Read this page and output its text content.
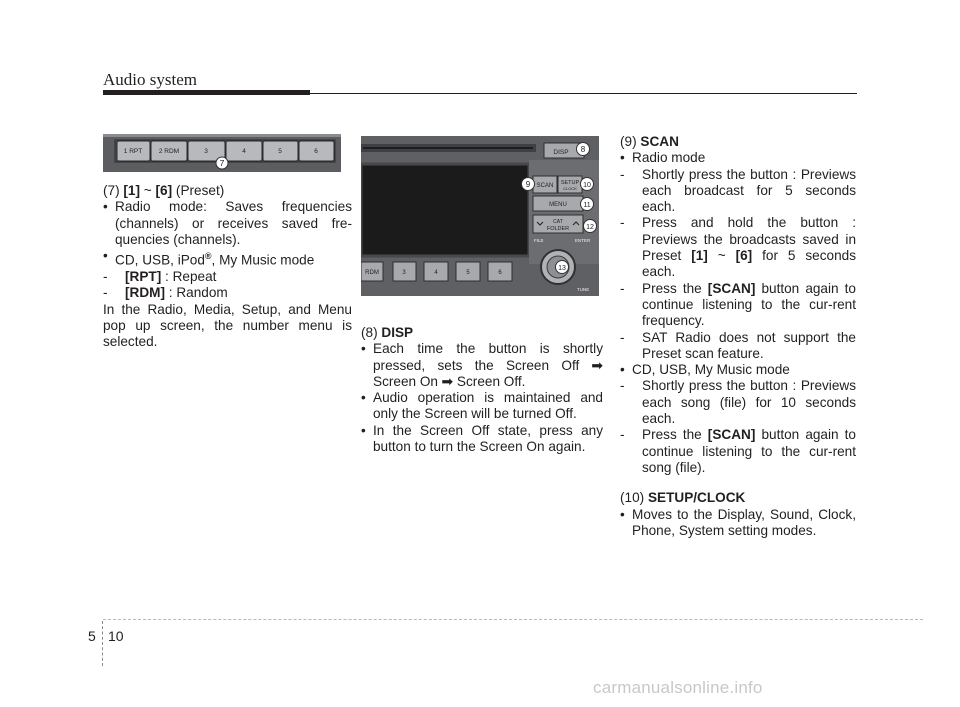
Audio system
1 RPT	2 RDM	3	4	5	6
7
DISP
SCAN SETUP
CLOCK
MENU
CAT
FOLDER
FILE	ENTER
TUNE
RDM	3	4	5	6
8
9	10
11
12
13

(7) [1] ~ [6] (Preset)

• Radio mode: Saves frequencies (channels) or receives saved fre-quencies (channels).

• CD, USB, iPod®, My Music mode

- [RPT] : Repeat

- [RDM] : Random

In the Radio, Media, Setup, and Menu pop up screen, the number menu is selected.

(8) DISP

• Each time the button is shortly pressed, sets the Screen Off ➟ Screen On ➟ Screen Off.

• Audio operation is maintained and only the Screen will be turned Off.

• In the Screen Off state, press any button to turn the Screen On again.

(9) SCAN

• Radio mode

- Shortly press the button : Previews each broadcast for 5 seconds each.

- Press and hold the button : Previews the broadcasts saved in Preset [1] ~ [6] for 5 seconds each.

- Press the [SCAN] button again to continue listening to the cur-rent frequency.

- SAT Radio does not support the Preset scan feature.

• CD, USB, My Music mode

- Shortly press the button : Previews each song (file) for 10 seconds each.

- Press the [SCAN] button again to continue listening to the cur-rent song (file).

(10) SETUP/CLOCK

• Moves to the Display, Sound, Clock, Phone, System setting modes.

5 10
carmanualsonline.info
